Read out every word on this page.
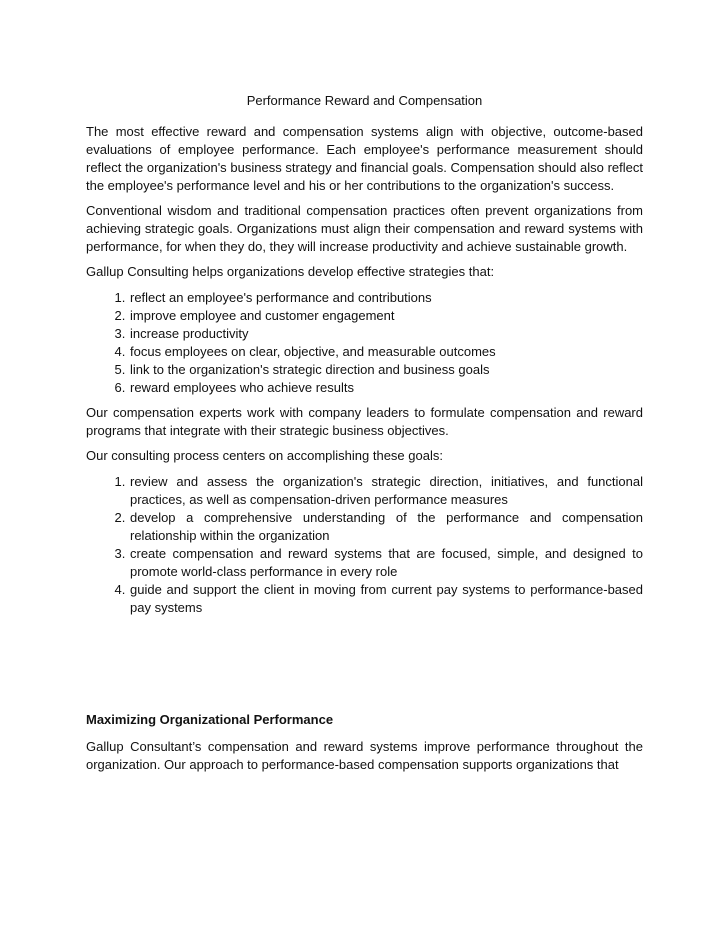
Performance Reward and Compensation

The most effective reward and compensation systems align with objective, outcome-based evaluations of employee performance. Each employee's performance measurement should reflect the organization's business strategy and financial goals. Compensation should also reflect the employee's performance level and his or her contributions to the organization's success.

Conventional wisdom and traditional compensation practices often prevent organizations from achieving strategic goals. Organizations must align their compensation and reward systems with performance, for when they do, they will increase productivity and achieve sustainable growth.

Gallup Consulting helps organizations develop effective strategies that:

1. reflect an employee's performance and contributions
2. improve employee and customer engagement
3. increase productivity
4. focus employees on clear, objective, and measurable outcomes
5. link to the organization's strategic direction and business goals
6. reward employees who achieve results

Our compensation experts work with company leaders to formulate compensation and reward programs that integrate with their strategic business objectives.

Our consulting process centers on accomplishing these goals:

1. review and assess the organization's strategic direction, initiatives, and functional practices, as well as compensation-driven performance measures
2. develop a comprehensive understanding of the performance and compensation relationship within the organization
3. create compensation and reward systems that are focused, simple, and designed to promote world-class performance in every role
4. guide and support the client in moving from current pay systems to performance-based pay systems
Maximizing Organizational Performance

Gallup Consultant’s compensation and reward systems improve performance throughout the organization. Our approach to performance-based compensation supports organizations that
